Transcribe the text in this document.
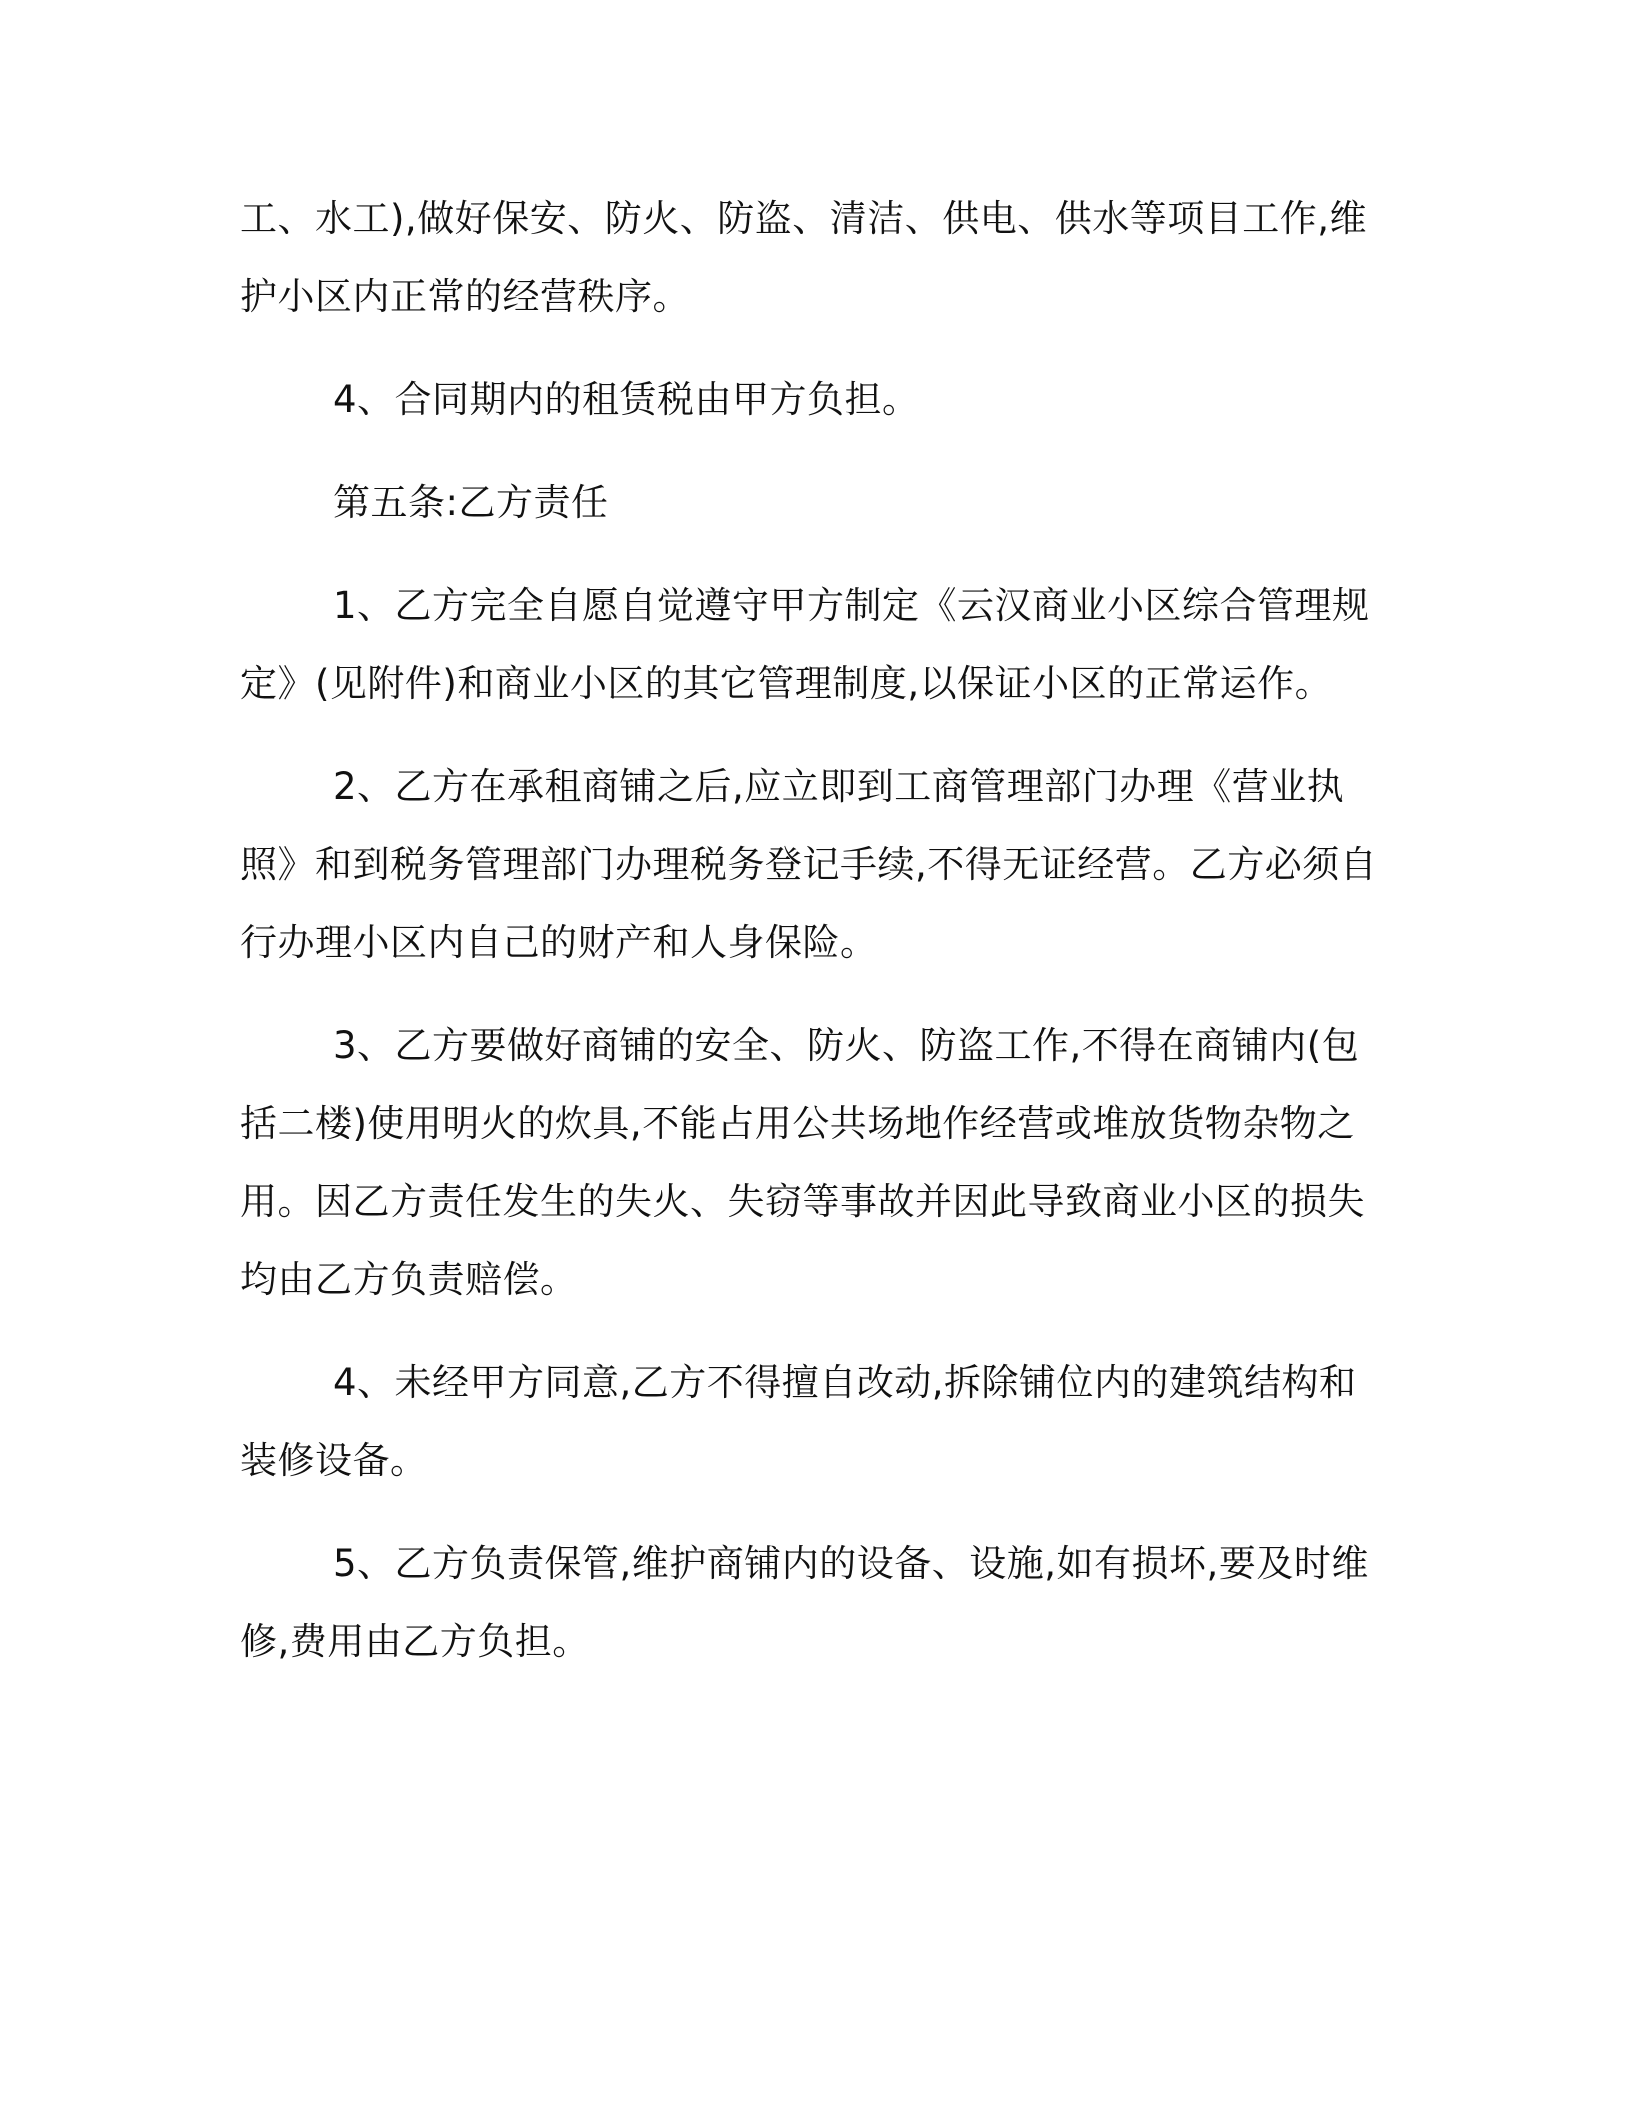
工、水工),做好保安、防火、防盗、清洁、供电、供水等项目工作,维护小区内正常的经营秩序。

4、合同期内的租赁税由甲方负担。

第五条:乙方责任

1、乙方完全自愿自觉遵守甲方制定《云汉商业小区综合管理规定》(见附件)和商业小区的其它管理制度,以保证小区的正常运作。

2、乙方在承租商铺之后,应立即到工商管理部门办理《营业执照》和到税务管理部门办理税务登记手续,不得无证经营。乙方必须自行办理小区内自己的财产和人身保险。

3、乙方要做好商铺的安全、防火、防盗工作,不得在商铺内(包括二楼)使用明火的炊具,不能占用公共场地作经营或堆放货物杂物之用。因乙方责任发生的失火、失窃等事故并因此导致商业小区的损失均由乙方负责赔偿。

4、未经甲方同意,乙方不得擅自改动,拆除铺位内的建筑结构和装修设备。

5、乙方负责保管,维护商铺内的设备、设施,如有损坏,要及时维修,费用由乙方负担。
